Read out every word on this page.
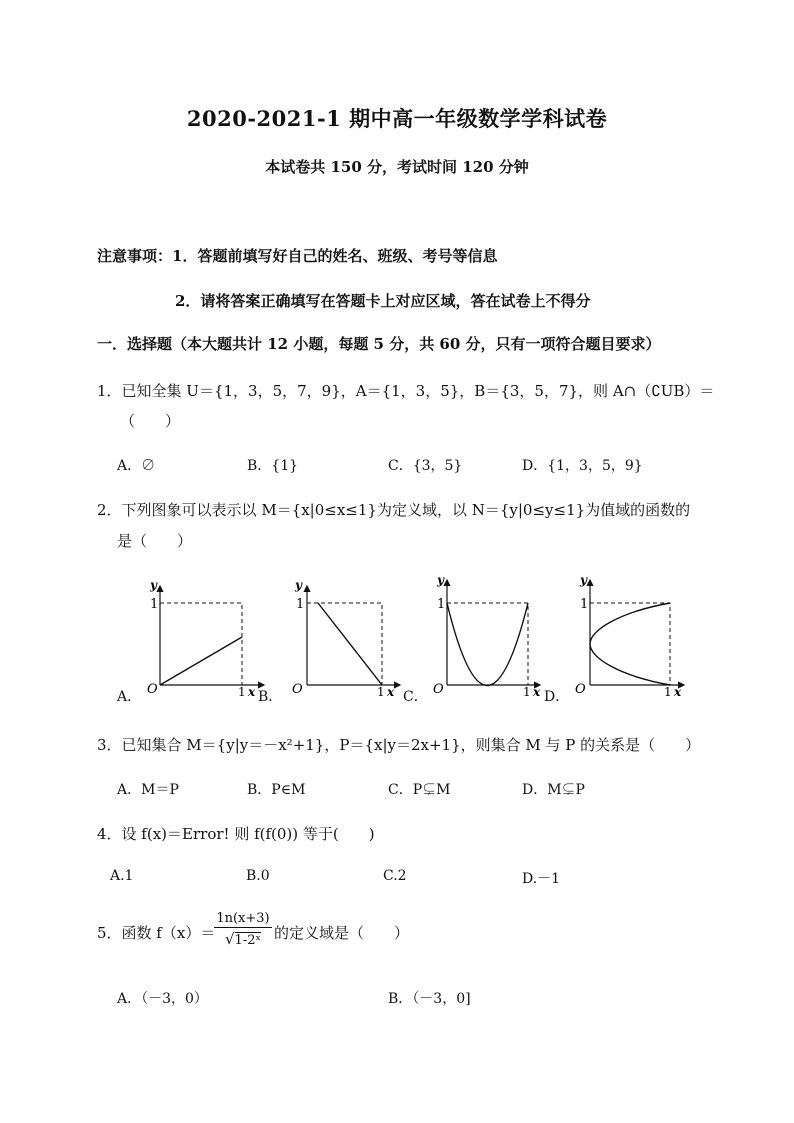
2020-2021-1 期中高一年级数学学科试卷
本试卷共 150 分，考试时间 120 分钟
注意事项：1．答题前填写好自己的姓名、班级、考号等信息
2．请将答案正确填写在答题卡上对应区域，答在试卷上不得分
一．选择题（本大题共计 12 小题，每题 5 分，共 60 分，只有一项符合题目要求）
1．已知全集 U＝{1，3，5，7，9}，A＝{1，3，5}，B＝{3，5，7}，则 A∩（∁UB）＝
（　　）
A．∅	B．{1}	C．{3，5}	D．{1，3，5，9}
2．下列图象可以表示以 M＝{x|0≤x≤1}为定义域，以 N＝{y|0≤y≤1}为值域的函数的
是（　　）
y
1
O	1 x
y
1
O	1 x
y
1
O	1 x
y
1
O	1 x
A．	B．	C．	D．
3．已知集合 M＝{y|y＝－x²+1}，P＝{x|y＝2x+1}，则集合 M 与 P 的关系是（　　）
A．M＝P	B．P∈M	C．P⊊M	D．M⊊P
4．设 f(x)＝Error! 则 f(f(0)) 等于(　　)
A.1	B.0	C.2	D.－1
5．函数 f（x）＝
$\frac{1n(x+3)}{\text{√1-2ˣ}}$ 的定义域是（　　）
A．（－3，0）	B．（－3，0]
